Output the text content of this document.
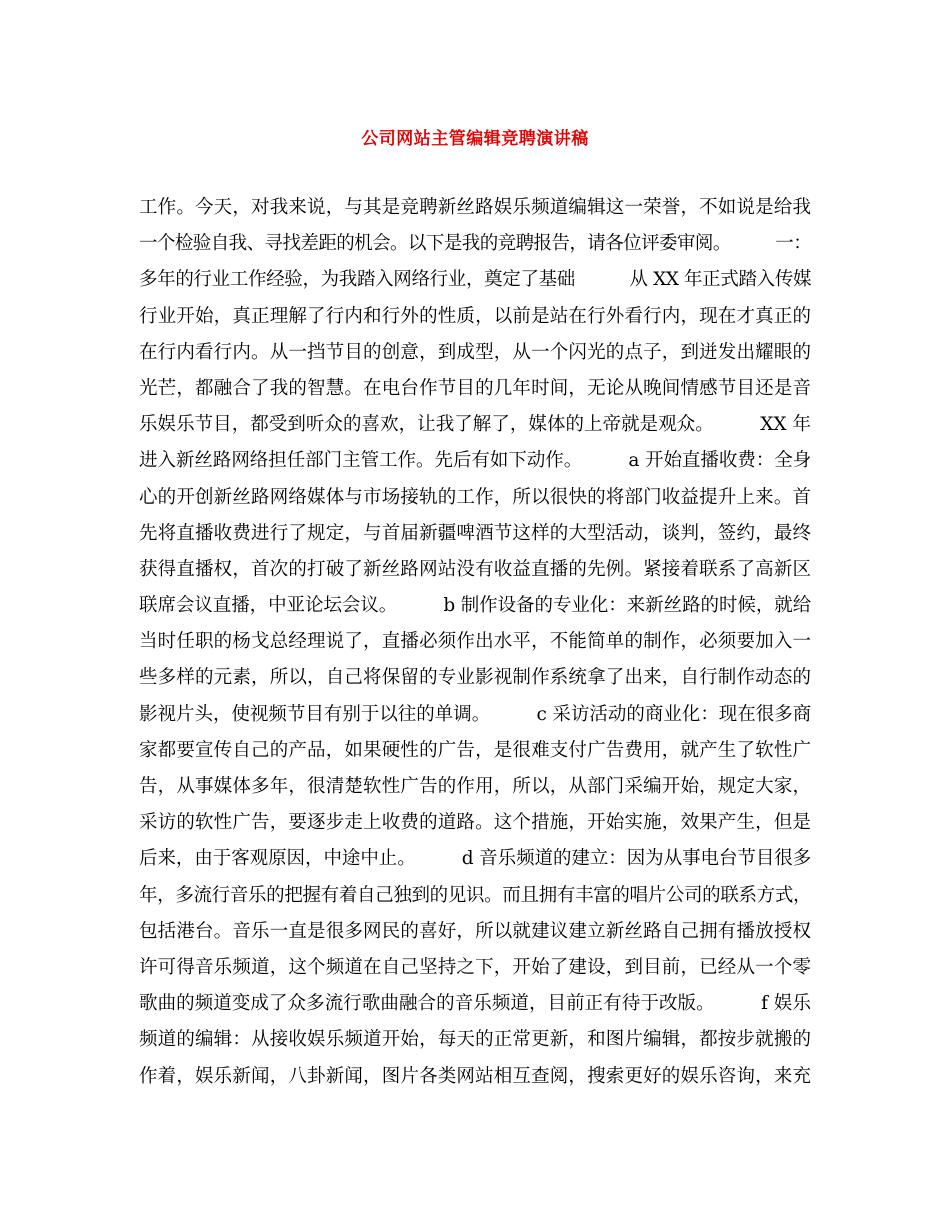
公司网站主管编辑竞聘演讲稿
工作。今天，对我来说，与其是竞聘新丝路娱乐频道编辑这一荣誉，不如说是给我
一个检验自我、寻找差距的机会。以下是我的竞聘报告，请各位评委审阅。　　　一：
多年的行业工作经验，为我踏入网络行业，奠定了基础　　　从 XX 年正式踏入传媒
行业开始，真正理解了行内和行外的性质，以前是站在行外看行内，现在才真正的
在行内看行内。从一挡节目的创意，到成型，从一个闪光的点子，到迸发出耀眼的
光芒，都融合了我的智慧。在电台作节目的几年时间，无论从晚间情感节目还是音
乐娱乐节目，都受到听众的喜欢，让我了解了，媒体的上帝就是观众。　　　XX 年
进入新丝路网络担任部门主管工作。先后有如下动作。　　　a 开始直播收费：全身
心的开创新丝路网络媒体与市场接轨的工作，所以很快的将部门收益提升上来。首
先将直播收费进行了规定，与首届新疆啤酒节这样的大型活动，谈判，签约，最终
获得直播权，首次的打破了新丝路网站没有收益直播的先例。紧接着联系了高新区
联席会议直播，中亚论坛会议。　　　b 制作设备的专业化：来新丝路的时候，就给
当时任职的杨戈总经理说了，直播必须作出水平，不能简单的制作，必须要加入一
些多样的元素，所以，自己将保留的专业影视制作系统拿了出来，自行制作动态的
影视片头，使视频节目有别于以往的单调。　　　c 采访活动的商业化：现在很多商
家都要宣传自己的产品，如果硬性的广告，是很难支付广告费用，就产生了软性广
告，从事媒体多年，很清楚软性广告的作用，所以，从部门采编开始，规定大家，
采访的软性广告，要逐步走上收费的道路。这个措施，开始实施，效果产生，但是
后来，由于客观原因，中途中止。　　　d 音乐频道的建立：因为从事电台节目很多
年，多流行音乐的把握有着自己独到的见识。而且拥有丰富的唱片公司的联系方式，
包括港台。音乐一直是很多网民的喜好，所以就建议建立新丝路自己拥有播放授权
许可得音乐频道，这个频道在自己坚持之下，开始了建设，到目前，已经从一个零
歌曲的频道变成了众多流行歌曲融合的音乐频道，目前正有待于改版。　　　f 娱乐
频道的编辑：从接收娱乐频道开始，每天的正常更新，和图片编辑，都按步就搬的
作着，娱乐新闻，八卦新闻，图片各类网站相互查阅，搜索更好的娱乐咨询，来充
